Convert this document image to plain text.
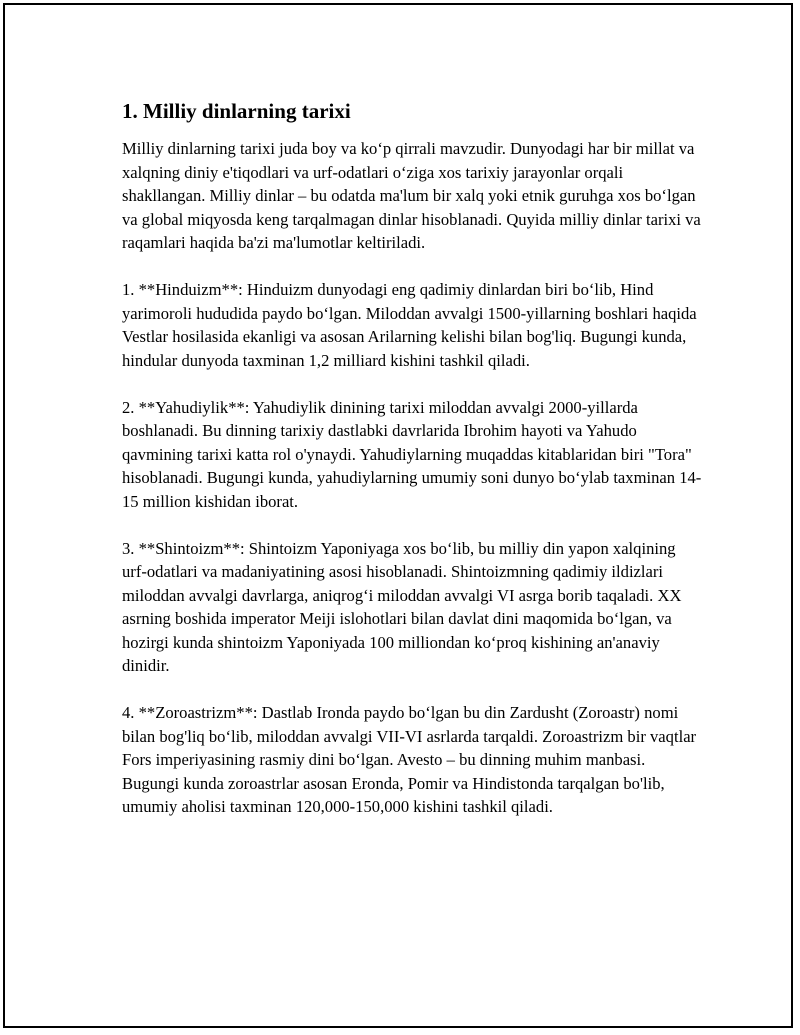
1. Milliy dinlarning tarixi

Milliy dinlarning tarixi juda boy va ko‘p qirrali mavzudir. Dunyodagi har bir millat va xalqning diniy e'tiqodlari va urf-odatlari o‘ziga xos tarixiy jarayonlar orqali shakllangan. Milliy dinlar – bu odatda ma'lum bir xalq yoki etnik guruhga xos bo‘lgan va global miqyosda keng tarqalmagan dinlar hisoblanadi. Quyida milliy dinlar tarixi va raqamlari haqida ba'zi ma'lumotlar keltiriladi.

1. **Hinduizm**: Hinduizm dunyodagi eng qadimiy dinlardan biri bo‘lib, Hind yarimoroli hududida paydo bo‘lgan. Miloddan avvalgi 1500-yillarning boshlari haqida Vestlar hosilasida ekanligi va asosan Arilarning kelishi bilan bog'liq. Bugungi kunda, hindular dunyoda taxminan 1,2 milliard kishini tashkil qiladi.

2. **Yahudiylik**: Yahudiylik dinining tarixi miloddan avvalgi 2000-yillarda boshlanadi. Bu dinning tarixiy dastlabki davrlarida Ibrohim hayoti va Yahudo qavmining tarixi katta rol o'ynaydi. Yahudiylarning muqaddas kitablaridan biri "Tora" hisoblanadi. Bugungi kunda, yahudiylarning umumiy soni dunyo bo‘ylab taxminan 14-15 million kishidan iborat.

3. **Shintoizm**: Shintoizm Yaponiyaga xos bo‘lib, bu milliy din yapon xalqining urf-odatlari va madaniyatining asosi hisoblanadi. Shintoizmning qadimiy ildizlari miloddan avvalgi davrlarga, aniqrog‘i miloddan avvalgi VI asrga borib taqaladi. XX asrning boshida imperator Meiji islohotlari bilan davlat dini maqomida bo‘lgan, va hozirgi kunda shintoizm Yaponiyada 100 milliondan ko‘proq kishining an'anaviy dinidir.

4. **Zoroastrizm**: Dastlab Ironda paydo bo‘lgan bu din Zardusht (Zoroastr) nomi bilan bog'liq bo‘lib, miloddan avvalgi VII-VI asrlarda tarqaldi. Zoroastrizm bir vaqtlar Fors imperiyasining rasmiy dini bo‘lgan. Avesto – bu dinning muhim manbasi. Bugungi kunda zoroastrlar asosan Eronda, Pomir va Hindistonda tarqalgan bo'lib, umumiy aholisi taxminan 120,000-150,000 kishini tashkil qiladi.
